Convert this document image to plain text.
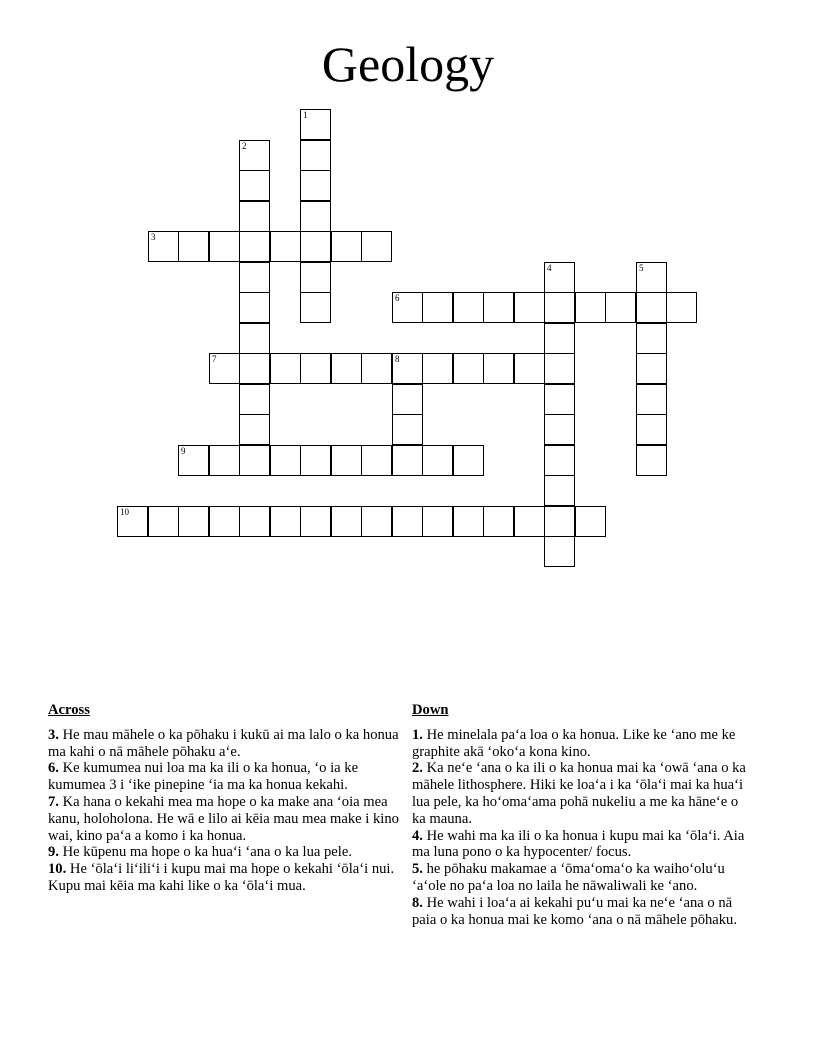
Geology
1
2
3
4	5
6
7	8
9
10
Across

3. He mau māhele o ka pōhaku i kukū ai ma lalo o ka honua ma kahi o nā māhele pōhaku aʻe.

6. Ke kumumea nui loa ma ka ili o ka honua, ʻo ia ke kumumea 3 i ʻike pinepine ʻia ma ka honua kekahi.

7. Ka hana o kekahi mea ma hope o ka make ana ʻoia mea kanu, holoholona. He wā e lilo ai kēia mau mea make i kino wai, kino paʻa a komo i ka honua.

9. He kūpenu ma hope o ka huaʻi ʻana o ka lua pele.

10. He ʻōlaʻi liʻiliʻi i kupu mai ma hope o kekahi ʻōlaʻi nui. Kupu mai kēia ma kahi like o ka ʻōlaʻi mua.

Down

1. He minelala paʻa loa o ka honua. Like ke ʻano me ke graphite akā ʻokoʻa kona kino.

2. Ka neʻe ʻana o ka ili o ka honua mai ka ʻowā ʻana o ka māhele lithosphere. Hiki ke loaʻa i ka ʻōlaʻi mai ka huaʻi lua pele, ka hoʻomaʻama pohā nukeliu a me ka hāneʻe o ka mauna.

4. He wahi ma ka ili o ka honua i kupu mai ka ʻōlaʻi. Aia ma luna pono o ka hypocenter/ focus.

5. he pōhaku makamae a ʻōmaʻomaʻo ka waihoʻoluʻu ʻaʻole no paʻa loa no laila he nāwaliwali ke ʻano.

8. He wahi i loaʻa ai kekahi puʻu mai ka neʻe ʻana o nā paia o ka honua mai ke komo ʻana o nā māhele pōhaku.
